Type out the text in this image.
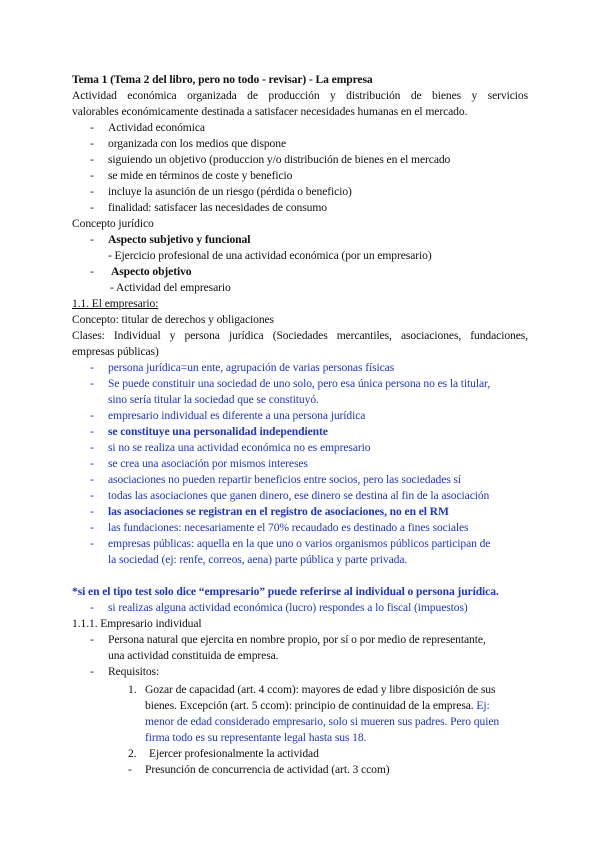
Tema 1 (Tema 2 del libro, pero no todo - revisar) - La empresa
Actividad económica organizada de producción y distribución de bienes y servicios
valorables económicamente destinada a satisfacer necesidades humanas en el mercado.
- Actividad económica
- organizada con los medios que dispone
- siguiendo un objetivo (produccion y/o distribución de bienes en el mercado
- se mide en términos de coste y beneficio
- incluye la asunción de un riesgo (pérdida o beneficio)
- finalidad: satisfacer las necesidades de consumo
Concepto jurídico
- Aspecto subjetivo y funcional
- Ejercicio profesional de una actividad económica (por un empresario)
- Aspecto objetivo
- Actividad del empresario
1.1. El empresario:
Concepto: titular de derechos y obligaciones
Clases: Individual y persona jurídica (Sociedades mercantiles, asociaciones, fundaciones,
empresas públicas)
- persona jurídica=un ente, agrupación de varias personas físicas
- Se puede constituir una sociedad de uno solo, pero esa única persona no es la titular,
sino sería titular la sociedad que se constituyó.
- empresario individual es diferente a una persona jurídica
- se constituye una personalidad independiente
- si no se realiza una actividad económica no es empresario
- se crea una asociación por mismos intereses
- asociaciones no pueden repartir beneficios entre socios, pero las sociedades sí
- todas las asociaciones que ganen dinero, ese dinero se destina al fin de la asociación
- las asociaciones se registran en el registro de asociaciones, no en el RM
- las fundaciones: necesariamente el 70% recaudado es destinado a fines sociales
- empresas públicas: aquella en la que uno o varios organismos públicos participan de
la sociedad (ej: renfe, correos, aena) parte pública y parte privada.
*si en el tipo test solo dice “empresario” puede referirse al individual o persona jurídica.
- si realizas alguna actividad económica (lucro) respondes a lo fiscal (impuestos)
1.1.1. Empresario individual
- Persona natural que ejercita en nombre propio, por sí o por medio de representante,
una actividad constituida de empresa.
- Requisitos:
1. Gozar de capacidad (art. 4 ccom): mayores de edad y libre disposición de sus
bienes. Excepción (art. 5 ccom): principio de continuidad de la empresa. Ej:
menor de edad considerado empresario, solo si mueren sus padres. Pero quien
firma todo es su representante legal hasta sus 18.
2. Ejercer profesionalmente la actividad
- Presunción de concurrencia de actividad (art. 3 ccom)
